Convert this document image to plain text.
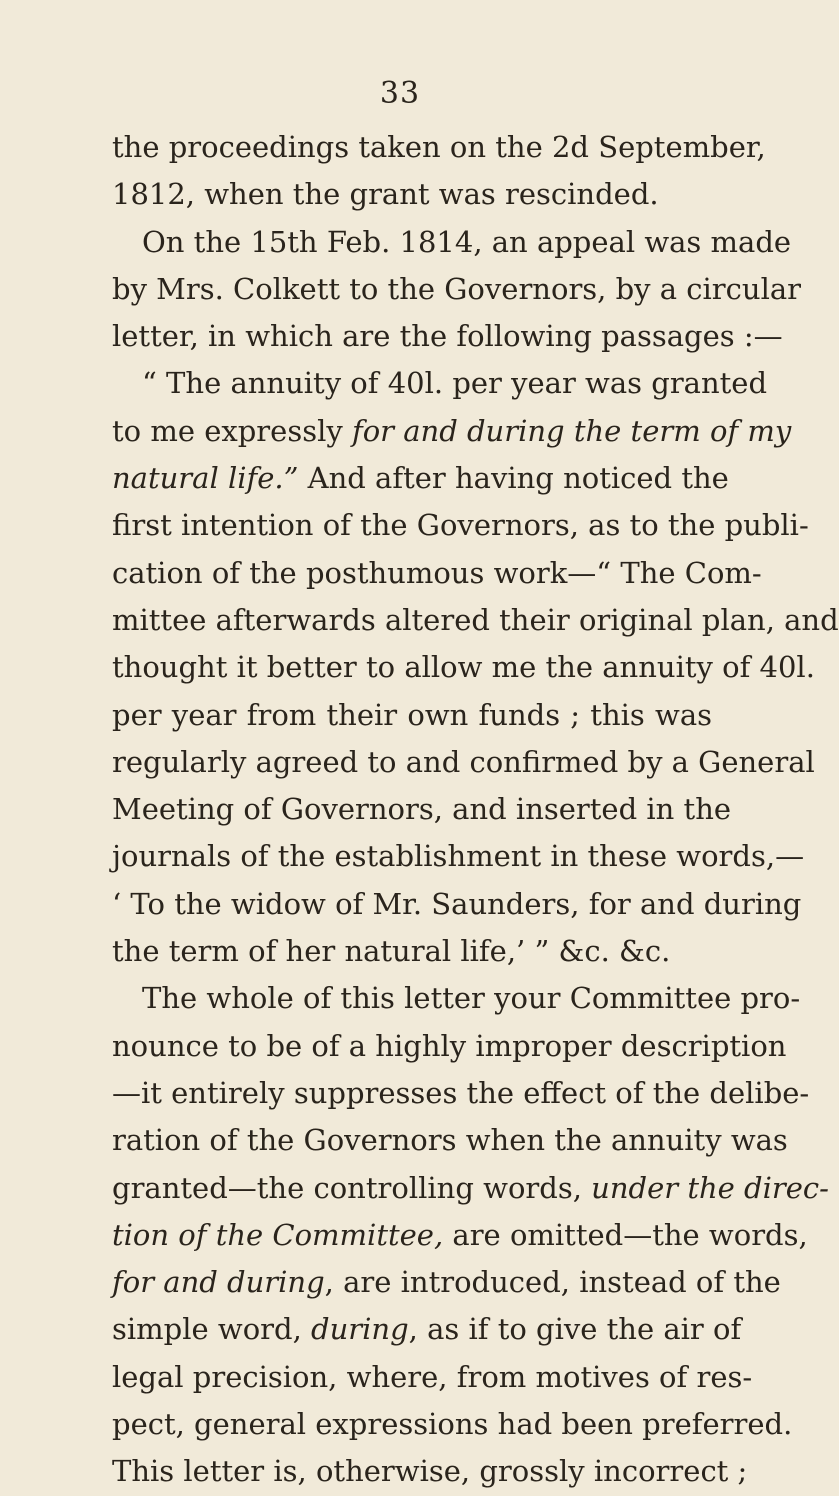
33
the proceedings taken on the 2d September,
1812, when the grant was rescinded.
On the 15th Feb. 1814, an appeal was made
by Mrs. Colkett to the Governors, by a circular
letter, in which are the following passages :—
“ The annuity of 40l. per year was granted
to me expressly for and during the term of my
natural life.” And after having noticed the
first intention of the Governors, as to the publi-
cation of the posthumous work—“ The Com-
mittee afterwards altered their original plan, and
thought it better to allow me the annuity of 40l.
per year from their own funds ; this was
regularly agreed to and confirmed by a General
Meeting of Governors, and inserted in the
journals of the establishment in these words,—
‘ To the widow of Mr. Saunders, for and during
the term of her natural life,’ ” &c. &c.
The whole of this letter your Committee pro-
nounce to be of a highly improper description
—it entirely suppresses the effect of the delibe-
ration of the Governors when the annuity was
granted—the controlling words, under the direc-
tion of the Committee, are omitted—the words,
for and during, are introduced, instead of the
simple word, during, as if to give the air of
legal precision, where, from motives of res-
pect, general expressions had been preferred.
This letter is, otherwise, grossly incorrect ;
